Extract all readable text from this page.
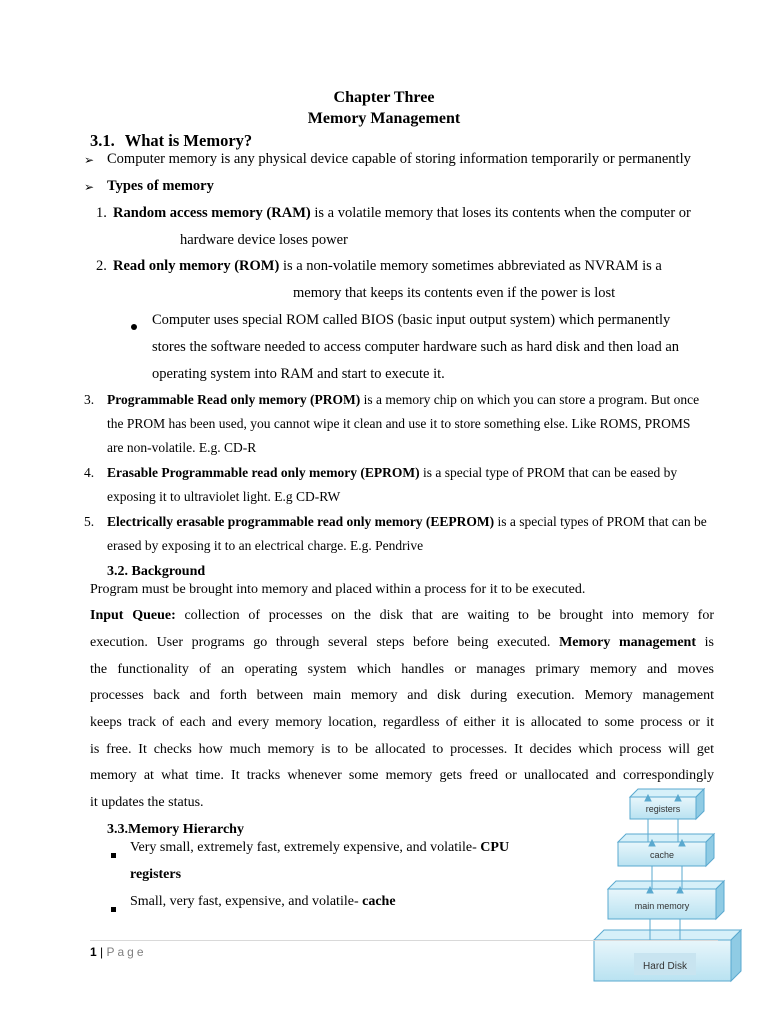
Chapter Three
Memory Management
3.1. What is Memory?
➢ Computer memory is any physical device capable of storing information temporarily or permanently
➢ Types of memory
1. Random access memory (RAM) is a volatile memory that loses its contents when the computer or
hardware device loses power
2. Read only memory (ROM) is a non-volatile memory sometimes abbreviated as NVRAM is a
memory that keeps its contents even if the power is lost
Computer uses special ROM called BIOS (basic input output system) which permanently
stores the software needed to access computer hardware such as hard disk and then load an
operating system into RAM and start to execute it.
3. Programmable Read only memory (PROM) is a memory chip on which you can store a program. But once
the PROM has been used, you cannot wipe it clean and use it to store something else. Like ROMS, PROMS
are non-volatile. E.g. CD-R
4. Erasable Programmable read only memory (EPROM) is a special type of PROM that can be eased by
exposing it to ultraviolet light. E.g CD-RW
5. Electrically erasable programmable read only memory (EEPROM) is a special types of PROM that can be
erased by exposing it to an electrical charge. E.g. Pendrive
3.2. Background
Program must be brought into memory and placed within a process for it to be executed.
Input Queue: collection of processes on the disk that are waiting to be brought into memory for
execution. User programs go through several steps before being executed. Memory management is
the functionality of an operating system which handles or manages primary memory and moves
processes back and forth between main memory and disk during execution. Memory management
keeps track of each and every memory location, regardless of either it is allocated to some process or it
is free. It checks how much memory is to be allocated to processes. It decides which process will get
memory at what time. It tracks whenever some memory gets freed or unallocated and correspondingly
it updates the status.
3.3.Memory Hierarchy
Very small, extremely fast, extremely expensive, and volatile- CPU
registers
Small, very fast, expensive, and volatile- cache
registers
cache
main memory
Hard Disk
1 | Page
